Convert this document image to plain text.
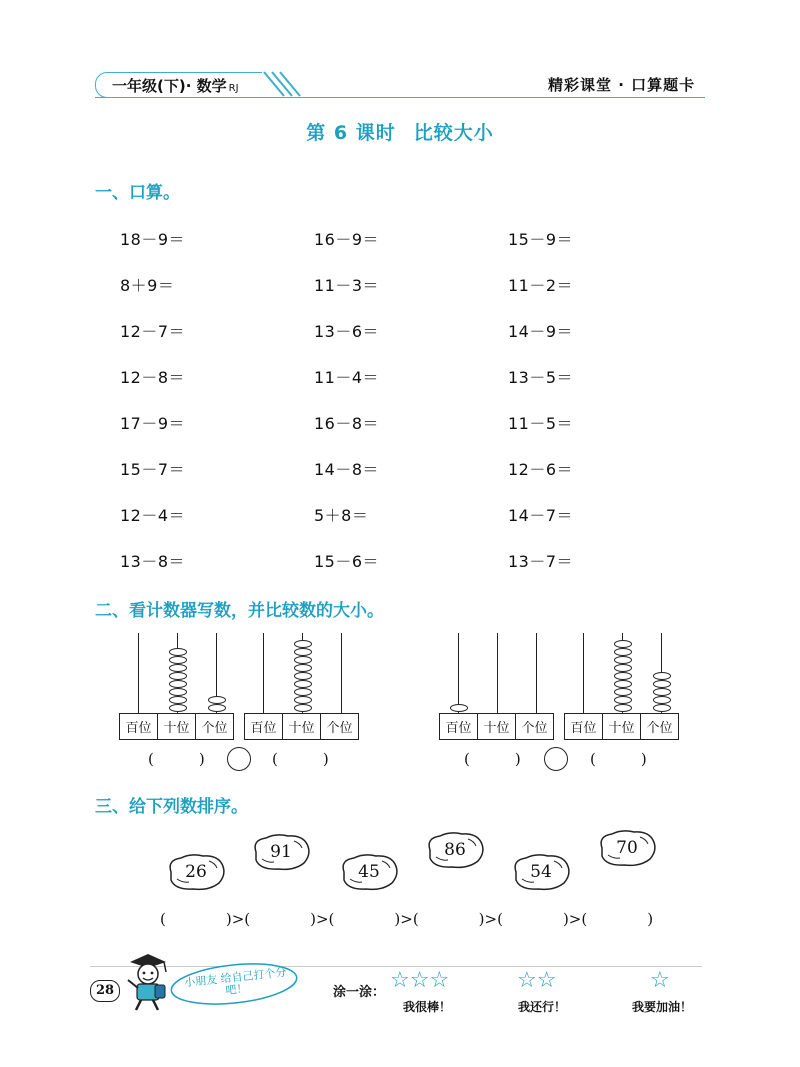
一年级(下)· 数学 RJ	精彩课堂 · 口算题卡
第 6 课时 比较大小
一、口算。
18－9＝	16－9＝	15－9＝
8＋9＝	11－3＝	11－2＝
12－7＝	13－6＝	14－9＝
12－8＝	11－4＝	13－5＝
17－9＝	16－8＝	11－5＝
15－7＝	14－8＝	12－6＝
12－4＝	5＋8＝	14－7＝
13－8＝	15－6＝	13－7＝
二、看计数器写数，并比较数的大小。
百位	十位	个位 百位	十位	个位	百位	十位	个位 百位	十位	个位
(　　　)	(　　　)	(　　　)	(　　　)
三、给下列数排序。
26
91
45
86
54
70
(　　　　)>(　　　　)>(　　　　)>(　　　　)>(　　　　)>(　　　　)
28
小朋友 给自己打个分吧！	涂一涂： ☆☆☆
我很棒！
☆☆
我还行！
☆
我要加油！
